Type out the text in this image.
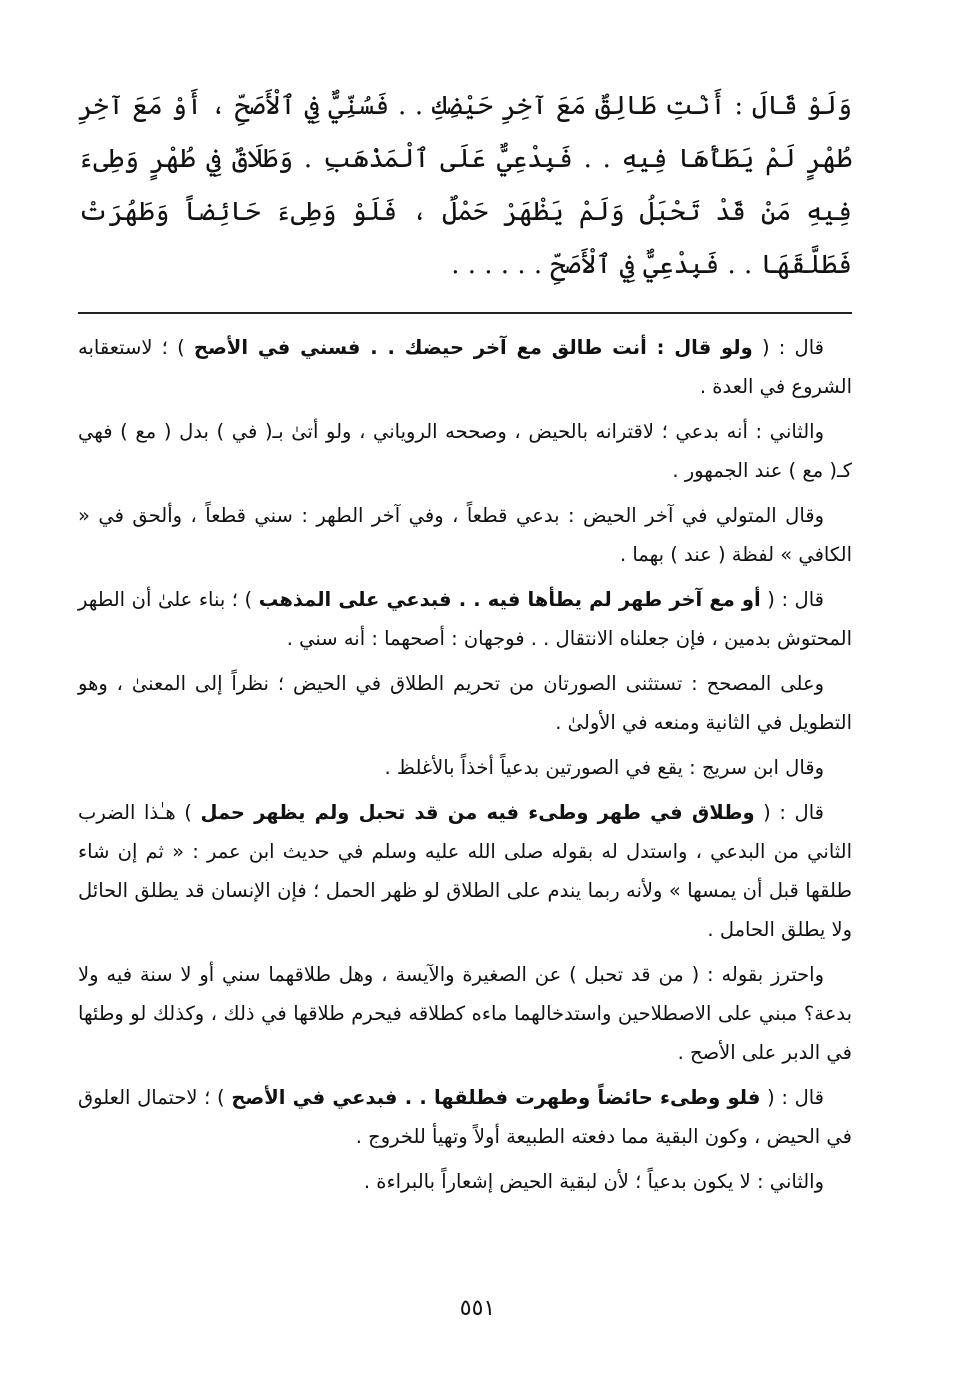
وَلَوْ قَالَ : أَنْتِ طَالِقٌ مَعَ آخِرِ حَيْضِكِ . . فَسُنِّيٌّ فِي ٱلْأَصَحِّ ، أَوْ مَعَ آخِرِ طُهْرٍ لَمْ يَطَأْهَا فِيهِ . . فَبِدْعِيٌّ عَلَى ٱلْمَذْهَبِ . وَطَلَاقٌ فِي طُهْرٍ وَطِىءَ فِيهِ مَنْ قَدْ تَحْبَلُ وَلَمْ يَظْهَرْ حَمْلٌ ، فَلَوْ وَطِىءَ حَائِضاً وَطَهُرَتْ فَطَلَّقَهَا . . فَبِدْعِيٌّ فِي ٱلْأَصَحِّ . . . . . .

قال : ( ولو قال : أنت طالق مع آخر حيضك . . فسني في الأصح ) ؛ لاستعقابه الشروع في العدة .

والثاني : أنه بدعي ؛ لاقترانه بالحيض ، وصححه الروياني ، ولو أتىٰ بـ( في ) بدل ( مع ) فهي كـ( مع ) عند الجمهور .

وقال المتولي في آخر الحيض : بدعي قطعاً ، وفي آخر الطهر : سني قطعاً ، وألحق في « الكافي » لفظة ( عند ) بهما .

قال : ( أو مع آخر طهر لم يطأها فيه . . فبدعي على المذهب ) ؛ بناء علىٰ أن الطهر المحتوش بدمين ، فإن جعلناه الانتقال . . فوجهان : أصحهما : أنه سني .

وعلى المصحح : تستثنى الصورتان من تحريم الطلاق في الحيض ؛ نظراً إلى المعنىٰ ، وهو التطويل في الثانية ومنعه في الأولىٰ .

وقال ابن سريج : يقع في الصورتين بدعياً أخذاً بالأغلظ .

قال : ( وطلاق في طهر وطىء فيه من قد تحبل ولم يظهر حمل ) هـٰذا الضرب الثاني من البدعي ، واستدل له بقوله صلى الله عليه وسلم في حديث ابن عمر : « ثم إن شاء طلقها قبل أن يمسها » ولأنه ربما يندم على الطلاق لو ظهر الحمل ؛ فإن الإنسان قد يطلق الحائل ولا يطلق الحامل .

واحترز بقوله : ( من قد تحبل ) عن الصغيرة والآيسة ، وهل طلاقهما سني أو لا سنة فيه ولا بدعة؟ مبني على الاصطلاحين واستدخالهما ماءه كطلاقه فيحرم طلاقها في ذلك ، وكذلك لو وطئها في الدبر على الأصح .

قال : ( فلو وطىء حائضاً وطهرت فطلقها . . فبدعي في الأصح ) ؛ لاحتمال العلوق في الحيض ، وكون البقية مما دفعته الطبيعة أولاً وتهيأ للخروج .

والثاني : لا يكون بدعياً ؛ لأن لبقية الحيض إشعاراً بالبراءة .

٥٥١
